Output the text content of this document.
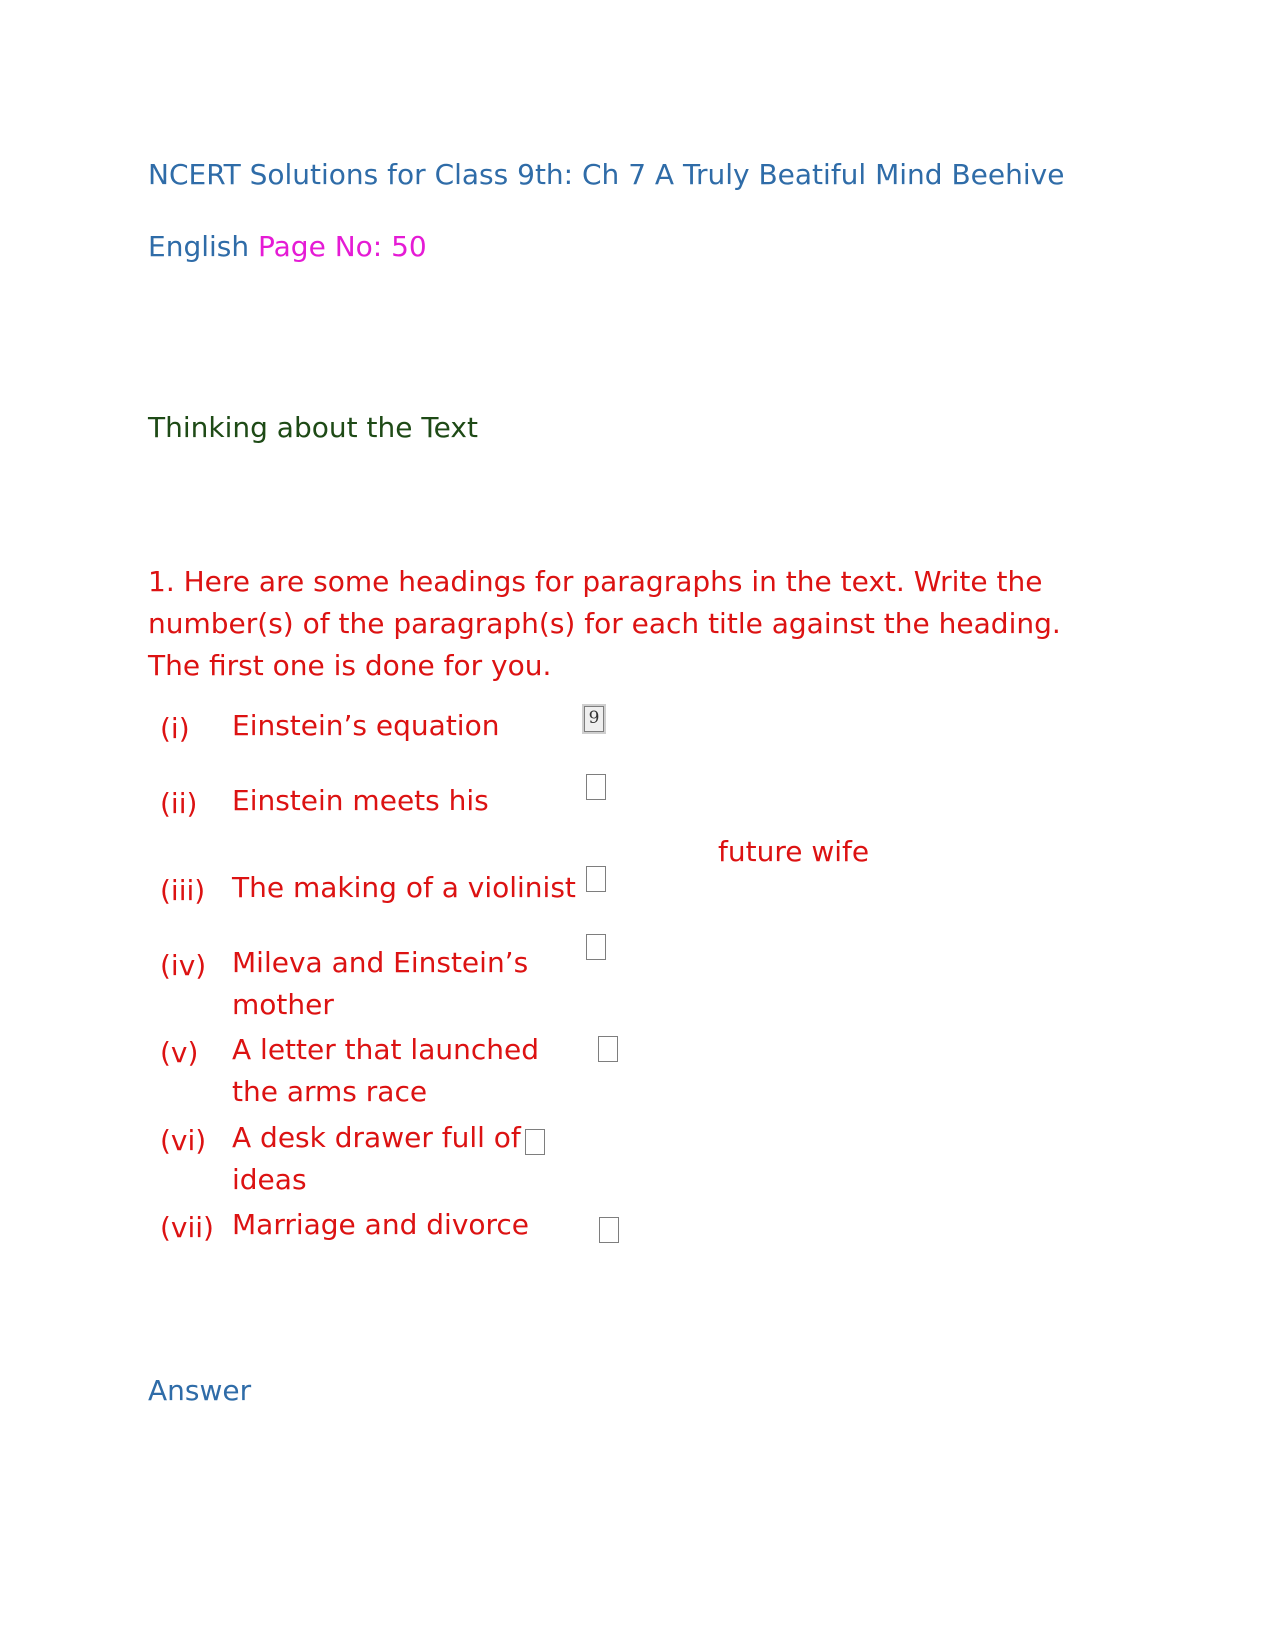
NCERT Solutions for Class 9th: Ch 7 A Truly Beatiful Mind Beehive
English Page No: 50
Thinking about the Text
1. Here are some headings for paragraphs in the text. Write the number(s) of the paragraph(s) for each title against the heading. The first one is done for you.
(i) Einstein’s equation	9
(ii) Einstein meets his
future wife
(iii) The making of a violinist
(iv) Mileva and Einstein’s
mother
(v) A letter that launched
the arms race
(vi) A desk drawer full of
ideas
(vii) Marriage and divorce
Answer
